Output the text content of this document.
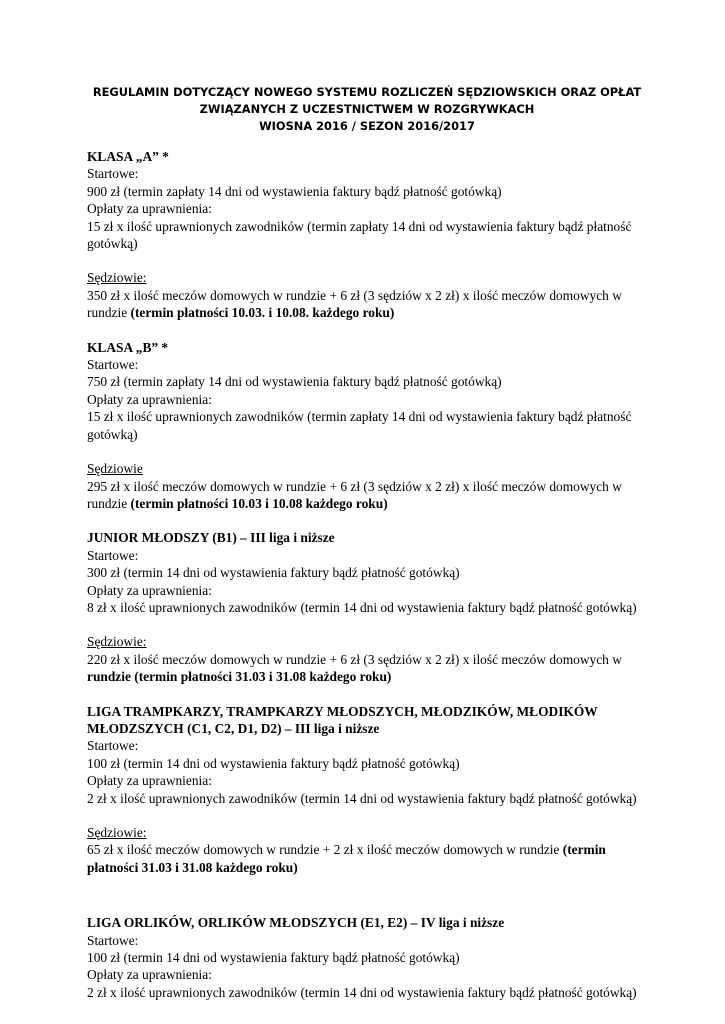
REGULAMIN DOTYCZĄCY NOWEGO SYSTEMU ROZLICZEŃ SĘDZIOWSKICH ORAZ OPŁAT
ZWIĄZANYCH Z UCZESTNICTWEM W ROZGRYWKACH
WIOSNA 2016 / SEZON 2016/2017
KLASA „A” *
Startowe:
900 zł (termin zapłaty 14 dni od wystawienia faktury bądź płatność gotówką)
Opłaty za uprawnienia:
15 zł x ilość uprawnionych zawodników (termin zapłaty 14 dni od wystawienia faktury bądź płatność
gotówką)
Sędziowie:
350 zł x ilość meczów domowych w rundzie + 6 zł (3 sędziów x 2 zł) x ilość meczów domowych w
rundzie (termin płatności 10.03. i 10.08. każdego roku)
KLASA „B” *
Startowe:
750 zł (termin zapłaty 14 dni od wystawienia faktury bądź płatność gotówką)
Opłaty za uprawnienia:
15 zł x ilość uprawnionych zawodników (termin zapłaty 14 dni od wystawienia faktury bądź płatność
gotówką)
Sędziowie
295 zł x ilość meczów domowych w rundzie + 6 zł (3 sędziów x 2 zł) x ilość meczów domowych w
rundzie (termin płatności 10.03 i 10.08 każdego roku)
JUNIOR MŁODSZY (B1) – III liga i niższe
Startowe:
300 zł (termin 14 dni od wystawienia faktury bądź płatność gotówką)
Opłaty za uprawnienia:
8 zł x ilość uprawnionych zawodników (termin 14 dni od wystawienia faktury bądź płatność gotówką)
Sędziowie:
220 zł x ilość meczów domowych w rundzie + 6 zł (3 sędziów x 2 zł) x ilość meczów domowych w
rundzie (termin płatności 31.03 i 31.08 każdego roku)
LIGA TRAMPKARZY, TRAMPKARZY MŁODSZYCH, MŁODZIKÓW, MŁODIKÓW
MŁODZSZYCH (C1, C2, D1, D2) – III liga i niższe
Startowe:
100 zł (termin 14 dni od wystawienia faktury bądź płatność gotówką)
Opłaty za uprawnienia:
2 zł x ilość uprawnionych zawodników (termin 14 dni od wystawienia faktury bądź płatność gotówką)
Sędziowie:
65 zł x ilość meczów domowych w rundzie + 2 zł x ilość meczów domowych w rundzie (termin
płatności 31.03 i 31.08 każdego roku)
LIGA ORLIKÓW, ORLIKÓW MŁODSZYCH (E1, E2) – IV liga i niższe
Startowe:
100 zł (termin 14 dni od wystawienia faktury bądź płatność gotówką)
Opłaty za uprawnienia:
2 zł x ilość uprawnionych zawodników (termin 14 dni od wystawienia faktury bądź płatność gotówką)
